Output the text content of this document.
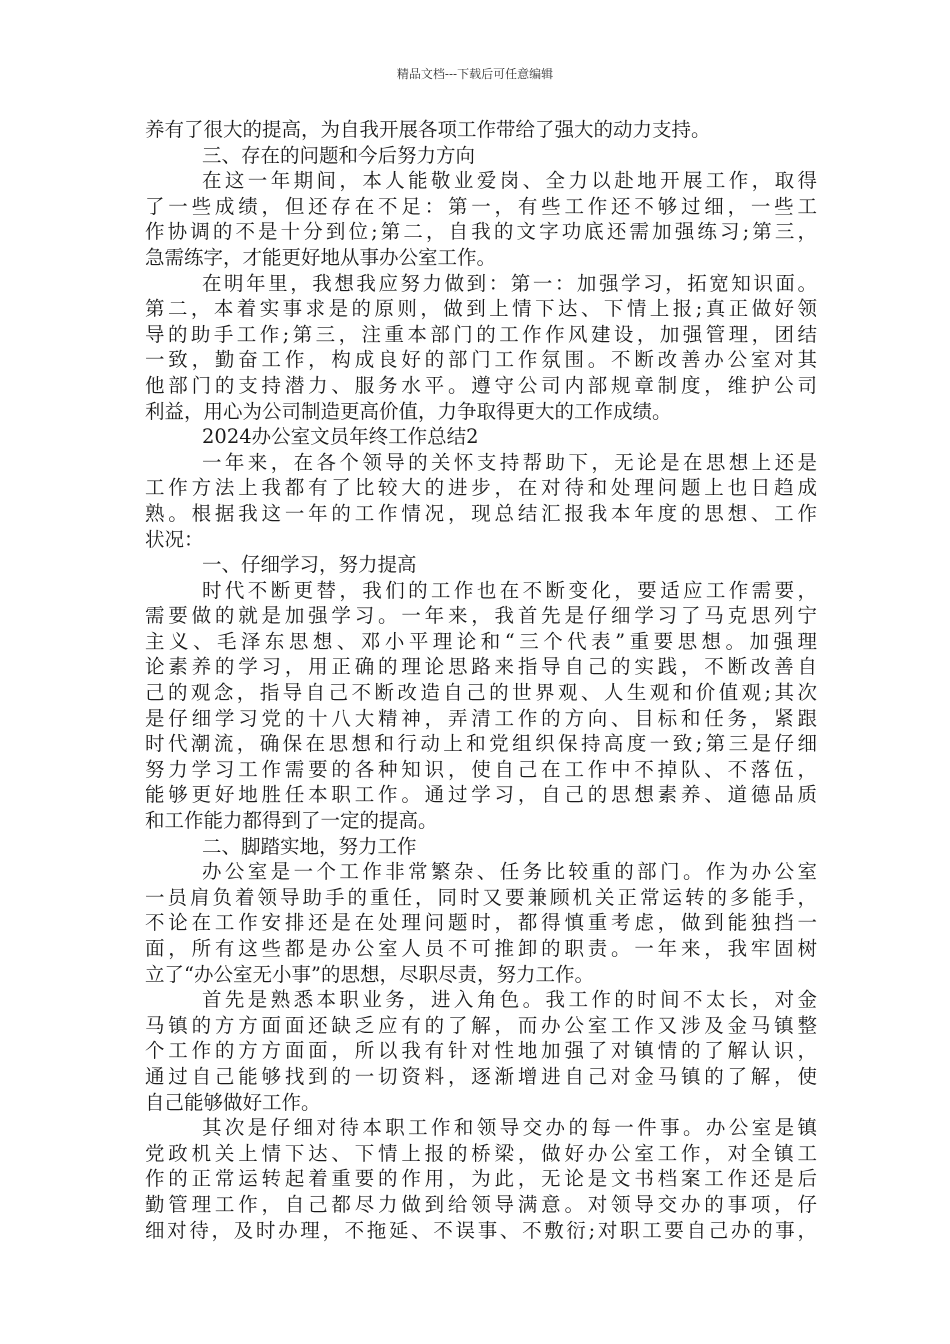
精品文档---下载后可任意编辑
养有了很大的提高，为自我开展各项工作带给了强大的动力支持。
三、存在的问题和今后努力方向
在这一年期间，本人能敬业爱岗、全力以赴地开展工作，取得
了一些成绩，但还存在不足：第一，有些工作还不够过细，一些工
作协调的不是十分到位;第二，自我的文字功底还需加强练习;第三，
急需练字，才能更好地从事办公室工作。
在明年里，我想我应努力做到：第一：加强学习，拓宽知识面。
第二，本着实事求是的原则，做到上情下达、下情上报;真正做好领
导的助手工作;第三，注重本部门的工作作风建设，加强管理，团结
一致，勤奋工作，构成良好的部门工作氛围。不断改善办公室对其
他部门的支持潜力、服务水平。遵守公司内部规章制度，维护公司
利益，用心为公司制造更高价值，力争取得更大的工作成绩。
2024办公室文员年终工作总结2
一年来，在各个领导的关怀支持帮助下，无论是在思想上还是
工作方法上我都有了比较大的进步，在对待和处理问题上也日趋成
熟。根据我这一年的工作情况，现总结汇报我本年度的思想、工作
状况：
一、仔细学习，努力提高
时代不断更替，我们的工作也在不断变化，要适应工作需要，
需要做的就是加强学习。一年来，我首先是仔细学习了马克思列宁
主义、毛泽东思想、邓小平理论和“三个代表”重要思想。加强理
论素养的学习，用正确的理论思路来指导自己的实践，不断改善自
己的观念，指导自己不断改造自己的世界观、人生观和价值观;其次
是仔细学习党的十八大精神，弄清工作的方向、目标和任务，紧跟
时代潮流，确保在思想和行动上和党组织保持高度一致;第三是仔细
努力学习工作需要的各种知识，使自己在工作中不掉队、不落伍，
能够更好地胜任本职工作。通过学习，自己的思想素养、道德品质
和工作能力都得到了一定的提高。
二、脚踏实地，努力工作
办公室是一个工作非常繁杂、任务比较重的部门。作为办公室
一员肩负着领导助手的重任，同时又要兼顾机关正常运转的多能手，
不论在工作安排还是在处理问题时，都得慎重考虑，做到能独挡一
面，所有这些都是办公室人员不可推卸的职责。一年来，我牢固树
立了“办公室无小事”的思想，尽职尽责，努力工作。
首先是熟悉本职业务，进入角色。我工作的时间不太长，对金
马镇的方方面面还缺乏应有的了解，而办公室工作又涉及金马镇整
个工作的方方面面，所以我有针对性地加强了对镇情的了解认识，
通过自己能够找到的一切资料，逐渐增进自己对金马镇的了解，使
自己能够做好工作。
其次是仔细对待本职工作和领导交办的每一件事。办公室是镇
党政机关上情下达、下情上报的桥梁，做好办公室工作，对全镇工
作的正常运转起着重要的作用，为此，无论是文书档案工作还是后
勤管理工作，自己都尽力做到给领导满意。对领导交办的事项，仔
细对待，及时办理，不拖延、不误事、不敷衍;对职工要自己办的事，
